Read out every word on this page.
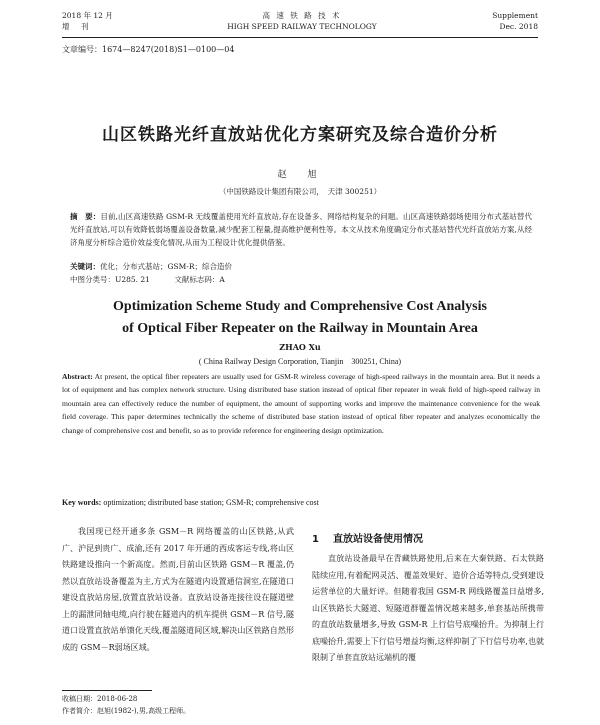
2018 年 12 月
增　刊
高 速 铁 路 技 术
HIGH SPEED RAILWAY TECHNOLOGY
Supplement
Dec. 2018
文章编号：1674—8247(2018)S1—0100—04
山区铁路光纤直放站优化方案研究及综合造价分析
赵　旭
（中国铁路设计集团有限公司，　天津 300251）
摘　要：目前,山区高速铁路 GSM-R 无线覆盖使用光纤直放站,存在设备多、网络结构复杂的问题。山区高速铁路弱场使用分布式基站替代光纤直放站,可以有效降低弱场覆盖设备数量,减少配套工程量,提高维护便利性等。本文从技术角度确定分布式基站替代光纤直放站方案,从经济角度分析综合造价效益变化情况,从而为工程设计优化提供借鉴。
关键词：优化；分布式基站；GSM-R；综合造价
中图分类号：U285. 21	文献标志码：A
Optimization Scheme Study and Comprehensive Cost Analysis
of Optical Fiber Repeater on the Railway in Mountain Area
ZHAO Xu
( China Railway Design Corporation, Tianjin　300251, China)
Abstract: At present, the optical fiber repeaters are usually used for GSM-R wireless coverage of high-speed railways in the mountain area. But it needs a lot of equipment and has complex network structure. Using distributed base station instead of optical fiber repeater in weak field of high-speed railway in mountain area can effectively reduce the number of equipment, the amount of supporting works and improve the maintenance convenience for the weak field coverage. This paper determines technically the scheme of distributed base station instead of optical fiber repeater and analyzes economically the change of comprehensive cost and benefit, so as to provide reference for engineering design optimization.
Key words: optimization; distributed base station; GSM-R; comprehensive cost
我国现已经开通多条 GSM－R 网络覆盖的山区铁路,从武广、沪昆到贵广、成渝,还有 2017 年开通的西成客运专线,将山区铁路建设推向一个新高度。然而,目前山区铁路 GSM－R 覆盖,仍然以直放站设备覆盖为主,方式为在隧道内设置通信洞室,在隧道口建设直放站房屋,放置直放站设备。直放站设备连接往设在隧道壁上的漏泄同轴电缆,向行驶在隧道内的机车提供 GSM－R 信号,隧道口设置直放站单馈化天线,覆盖隧道间区域,解决山区铁路自然形成的 GSM－R弱场区域。
1 直放站设备使用情况

直放站设备最早在青藏铁路使用,后来在大秦铁路、石太铁路陆续应用,有着配网灵活、覆盖效果好、造价合适等特点,受到建设运营单位的大量好评。但随着我国 GSM-R 网线路覆盖日益增多,山区铁路长大隧道、短隧道群覆盖情况越来越多,单套基站所携带的直放站数量增多,导致 GSM-R 上行信号底噪抬升。为抑制上行底噪抬升,需要上下行信号增益均衡,这样抑制了下行信号功率,也就限制了单套直放站远端机的覆

收稿日期：2018-06-28
作者简介：赵旭(1982-),男,高级工程师。
